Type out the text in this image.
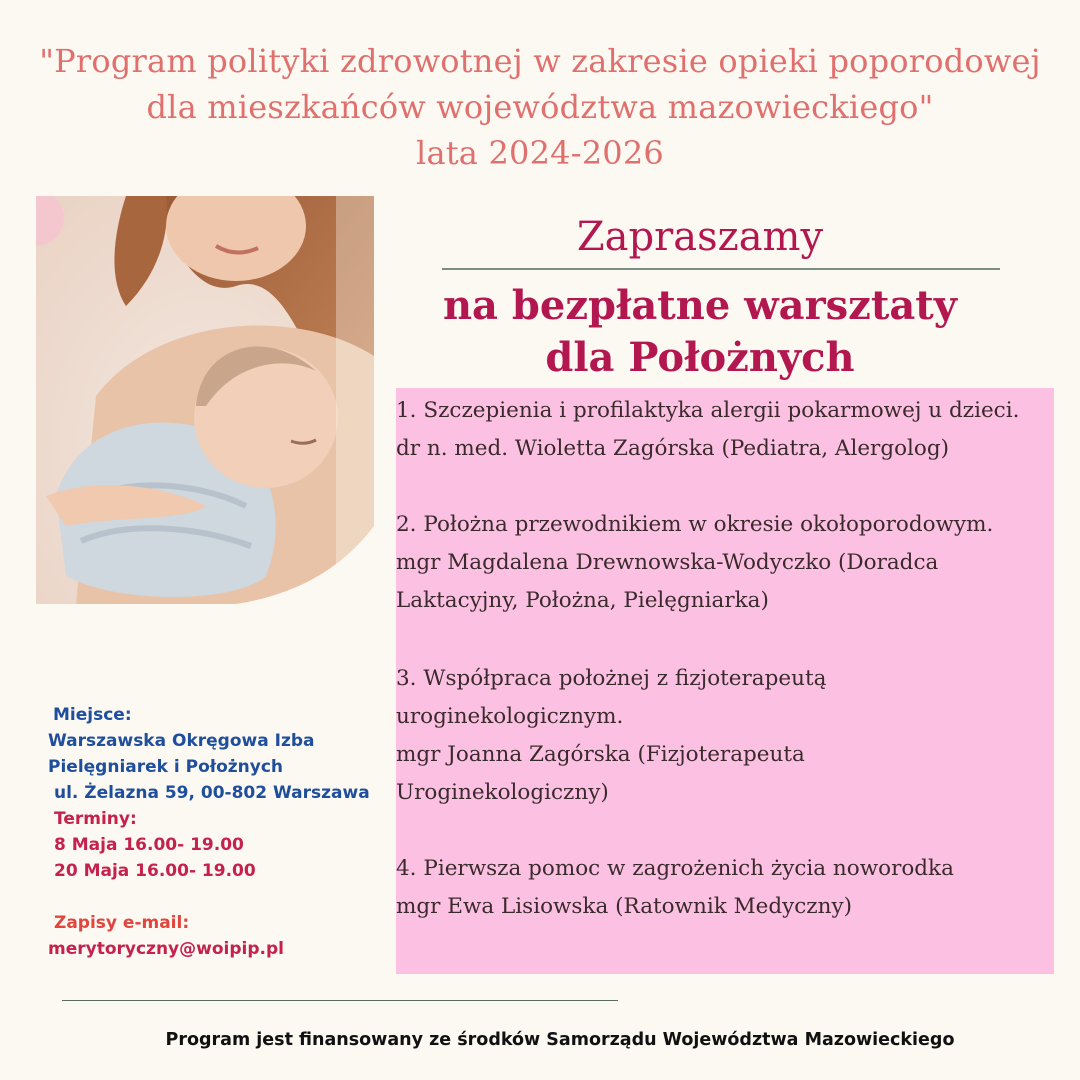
"Program polityki zdrowotnej w zakresie opieki poporodowej
dla mieszkańców województwa mazowieckiego"
lata 2024-2026
Zapraszamy
na bezpłatne warsztaty
dla Położnych
1. Szczepienia i profilaktyka alergii pokarmowej u dzieci.
dr n. med. Wioletta Zagórska (Pediatra, Alergolog)
2. Położna przewodnikiem w okresie okołoporodowym.
mgr Magdalena Drewnowska-Wodyczko (Doradca
Laktacyjny, Położna, Pielęgniarka)
3. Współpraca położnej z fizjoterapeutą
uroginekologicznym.
mgr Joanna Zagórska (Fizjoterapeuta
Uroginekologiczny)
4. Pierwsza pomoc w zagrożenich życia noworodka
mgr Ewa Lisiowska (Ratownik Medyczny)
Miejsce:
Warszawska Okręgowa Izba
Pielęgniarek i Położnych
ul. Żelazna 59, 00-802 Warszawa
Terminy:
8 Maja 16.00- 19.00
20 Maja 16.00- 19.00
Zapisy e-mail:
merytoryczny@woipip.pl
Program jest finansowany ze środków Samorządu Województwa Mazowieckiego
